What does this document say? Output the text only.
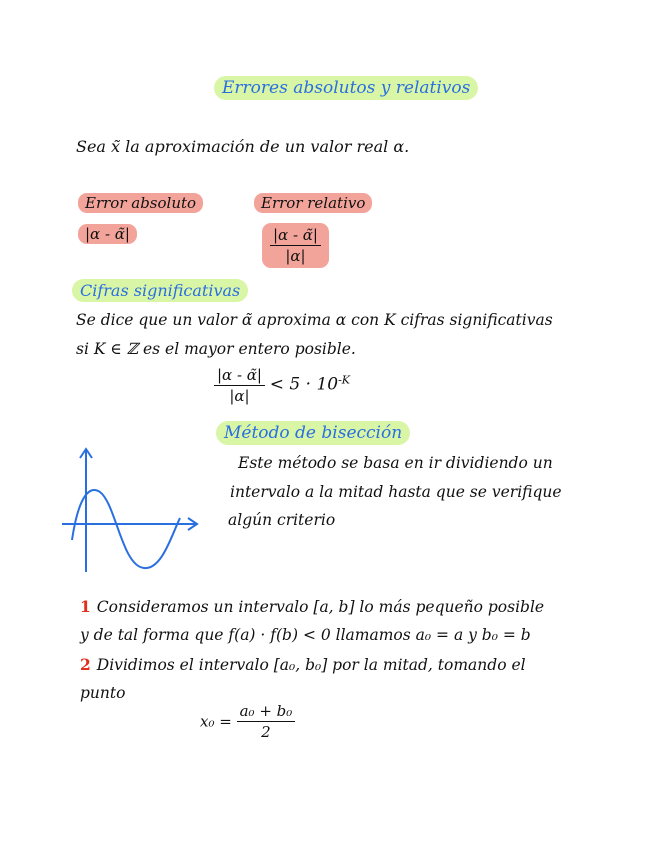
Errores absolutos y relativos
Sea x̃ la aproximación de un valor real α.
Error absoluto
|α - α̃|
Error relativo
$\frac{|\alpha - \alphã|}{|\alpha|}$
Cifras significativas
Se dice que un valor α̃ aproxima α con K cifras significativas
si K ∈ ℤ es el mayor entero posible.
$\frac{|\alpha - \alphã|}{|\alpha|} < 5 \cdot 10^{-K}$
Método de bisección
Este método se basa en ir dividiendo un
intervalo a la mitad hasta que se verifique
algún criterio
1 Consideramos un intervalo [a, b] lo más pequeño posible
y de tal forma que f(a) · f(b) < 0 llamamos a₀ = a y b₀ = b
2 Dividimos el intervalo [a₀, b₀] por la mitad, tomando el
punto
$x_0 = \frac{\text{a₀ + b₀}}{2}$
